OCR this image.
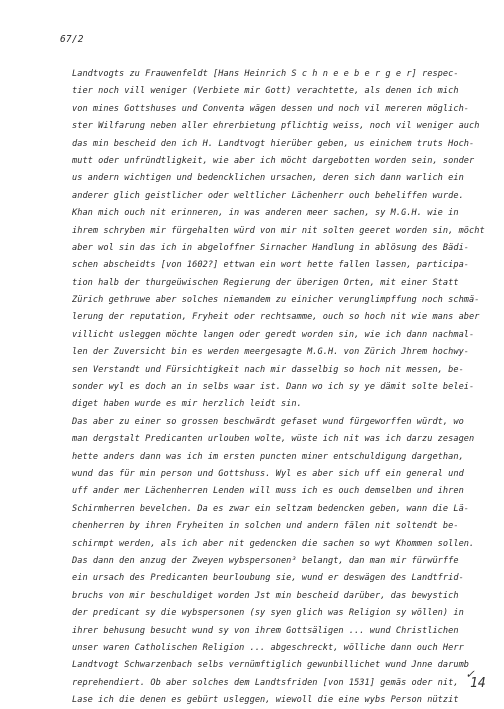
67/2
Landtvogts zu Frauwenfeldt [Hans Heinrich S c h n e e b e r g e r] respec-
tier noch vill weniger (Verbiete mir Gott) verachtette, als denen ich mich
von mines Gottshuses und Conventa wägen dessen und noch vil mereren möglich-
ster Wilfarung neben aller ehrerbietung pflichtig weiss, noch vil weniger auch
das min bescheid den ich H. Landtvogt hierüber geben, us einichem truts Hoch-
mutt oder unfründtligkeit, wie aber ich möcht dargebotten worden sein, sonder
us andern wichtigen und bedencklichen ursachen, deren sich dann warlich ein
anderer glich geistlicher oder weltlicher Lächenherr ouch beheliffen wurde.
Khan mich ouch nit erinneren, in was anderen meer sachen, sy M.G.H. wie in
ihrem schryben mir fürgehalten würd von mir nit solten geeret worden sin, möcht
aber wol sin das ich in abgeloffner Sirnacher Handlung in ablösung des Bädi-
schen abscheidts [von 1602?] ettwan ein wort hette fallen lassen, participa-
tion halb der thurgeüwischen Regierung der überigen Orten, mit einer Statt
Zürich gethruwe aber solches niemandem zu einicher verunglimpffung noch schmä-
lerung der reputation, Fryheit oder rechtsamme, ouch so hoch nit wie mans aber
villicht usleggen möchte langen oder geredt worden sin, wie ich dann nachmal-
len der Zuversicht bin es werden meergesagte M.G.H. von Zürich Jhrem hochwy-
sen Verstandt und Fürsichtigkeit nach mir dasselbig so hoch nit messen, be-
sonder wyl es doch an in selbs waar ist. Dann wo ich sy ye dämit solte belei-
diget haben wurde es mir herzlich leidt sin.
Das aber zu einer so grossen beschwärdt gefaset wund fürgeworffen würdt, wo
man dergstalt Predicanten urlouben wolte, wüste ich nit was ich darzu zesagen
hette anders dann was ich im ersten puncten miner entschuldigung dargethan,
wund das für min person und Gottshuss. Wyl es aber sich uff ein general und
uff ander mer Lächenherren Lenden will muss ich es ouch demselben und ihren
Schirmherren bevelchen. Da es zwar ein seltzam bedencken geben, wann die Lä-
chenherren by ihren Fryheiten in solchen und andern fälen nit soltendt be-
schirmpt werden, als ich aber nit gedencken die sachen so wyt Khommen sollen.
Das dann den anzug der Zweyen wybspersonen³ belangt, dan man mir fürwürffe
ein ursach des Predicanten beurloubung sie, wund er deswägen des Landtfrid-
bruchs von mir beschuldiget worden Jst min bescheid darüber, das bewystich
der predicant sy die wybspersonen (sy syen glich was Religion sy wöllen) in
ihrer behusung besucht wund sy von ihrem Gottsäligen ... wund Christlichen
unser waren Catholischen Religion ... abgeschreckt, wölliche dann ouch Herr
Landtvogt Schwarzenbach selbs vernümftiglich gewunbillichet wund Jnne darumb
reprehendiert. Ob aber solches dem Landtsfriden [von 1531] gemäs oder nit,
Lase ich die denen es gebürt usleggen, wiewoll die eine wybs Person nützit
✓
14
